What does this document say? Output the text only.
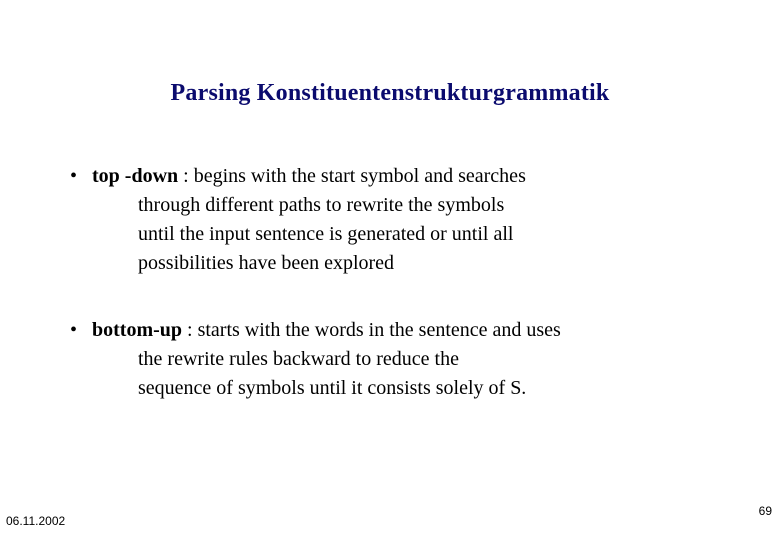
Parsing Konstituentenstrukturgrammatik
• top -down : begins with the start symbol and searches
through different paths to rewrite the symbols
until the input sentence is generated or until all
possibilities have been explored
• bottom-up : starts with the words in the sentence and uses
the rewrite rules backward to reduce the
sequence of symbols until it consists solely of S.
06.11.2002
69
